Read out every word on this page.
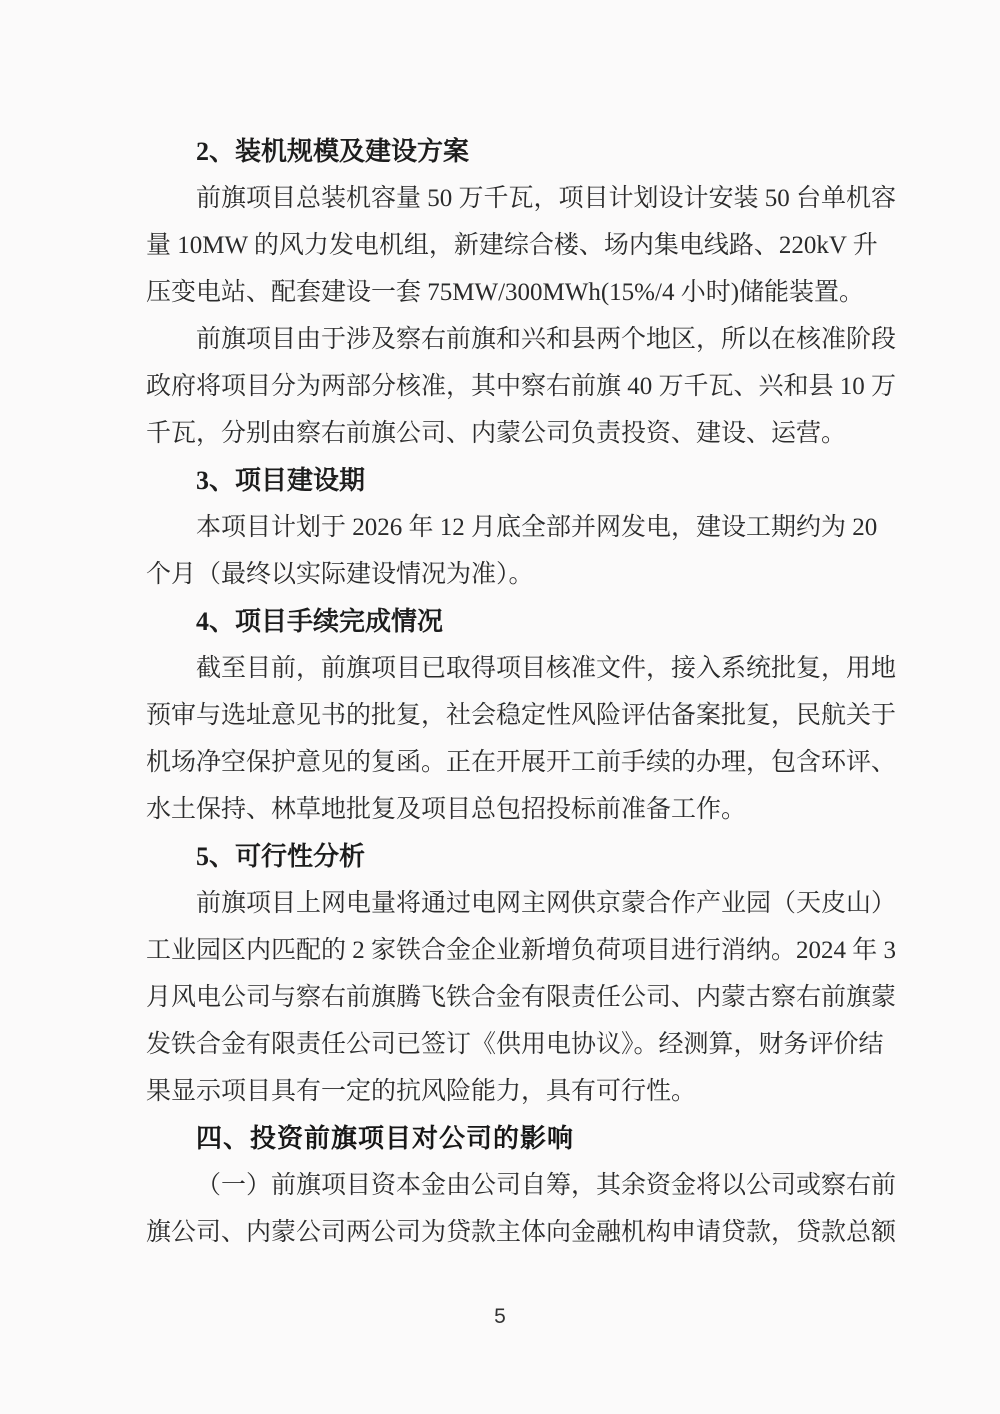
2、装机规模及建设方案
前旗项目总装机容量 50 万千瓦，项目计划设计安装 50 台单机容
量 10MW 的风力发电机组，新建综合楼、场内集电线路、220kV 升
压变电站、配套建设一套 75MW/300MWh(15%/4 小时)储能装置。
前旗项目由于涉及察右前旗和兴和县两个地区，所以在核准阶段
政府将项目分为两部分核准，其中察右前旗 40 万千瓦、兴和县 10 万
千瓦，分别由察右前旗公司、内蒙公司负责投资、建设、运营。
3、项目建设期
本项目计划于 2026 年 12 月底全部并网发电，建设工期约为 20
个月（最终以实际建设情况为准）。
4、项目手续完成情况
截至目前，前旗项目已取得项目核准文件，接入系统批复，用地
预审与选址意见书的批复，社会稳定性风险评估备案批复，民航关于
机场净空保护意见的复函。正在开展开工前手续的办理，包含环评、
水土保持、林草地批复及项目总包招投标前准备工作。
5、可行性分析
前旗项目上网电量将通过电网主网供京蒙合作产业园（天皮山）
工业园区内匹配的 2 家铁合金企业新增负荷项目进行消纳。2024 年 3
月风电公司与察右前旗腾飞铁合金有限责任公司、内蒙古察右前旗蒙
发铁合金有限责任公司已签订《供用电协议》。经测算，财务评价结
果显示项目具有一定的抗风险能力，具有可行性。
四、投资前旗项目对公司的影响
（一）前旗项目资本金由公司自筹，其余资金将以公司或察右前
旗公司、内蒙公司两公司为贷款主体向金融机构申请贷款，贷款总额
5
